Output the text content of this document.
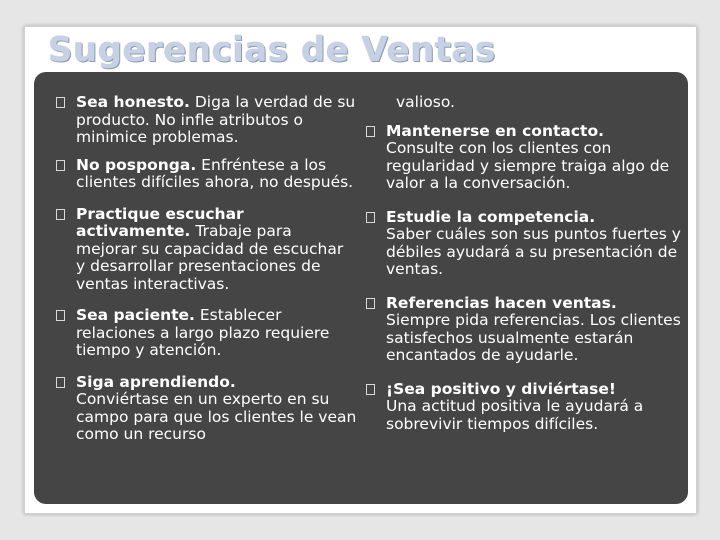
Sugerencias de Ventas
Sea honesto. Diga la verdad de su producto. No infle atributos o minimice problemas.
No posponga. Enfréntese a los clientes difíciles ahora, no después.
Practique escuchar activamente. Trabaje para mejorar su capacidad de escuchar y desarrollar presentaciones de ventas interactivas.
Sea paciente. Establecer relaciones a largo plazo requiere tiempo y atención.
Siga aprendiendo.
Conviértase en un experto en su campo para que los clientes le vean como un recurso
valioso.
Mantenerse en contacto.
Consulte con los clientes con regularidad y siempre traiga algo de valor a la conversación.
Estudie la competencia.
Saber cuáles son sus puntos fuertes y débiles ayudará a su presentación de ventas.
Referencias hacen ventas.
Siempre pida referencias. Los clientes satisfechos usualmente estarán encantados de ayudarle.
¡Sea positivo y diviértase!
Una actitud positiva le ayudará a sobrevivir tiempos difíciles.
